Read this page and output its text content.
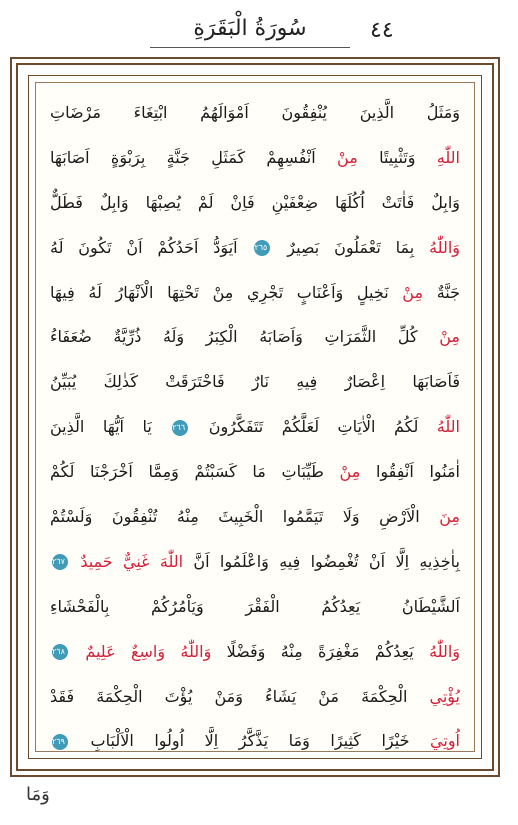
٤٤
سُورَةُ الْبَقَرَةِ
وَمَثَلُ الَّذِينَ يُنْفِقُونَ اَمْوَالَهُمُ ابْتِغَاءَ مَرْضَاتِ
اللّٰهِ وَتَثْبِيتًا مِنْ اَنْفُسِهِمْ كَمَثَلِ جَنَّةٍ بِرَبْوَةٍ اَصَابَهَا
وَابِلٌ فَاٰتَتْ اُكُلَهَا ضِعْفَيْنِ فَاِنْ لَمْ يُصِبْهَا وَابِلٌ فَطَلٌّ
وَاللّٰهُ بِمَا تَعْمَلُونَ بَصِيرٌ ٢٦٥ اَيَوَدُّ اَحَدُكُمْ اَنْ تَكُونَ لَهُ
جَنَّةٌ مِنْ نَخِيلٍ وَاَعْنَابٍ تَجْرِي مِنْ تَحْتِهَا الْاَنْهَارُ لَهُ فِيهَا
مِنْ كُلِّ الثَّمَرَاتِ وَاَصَابَهُ الْكِبَرُ وَلَهُ ذُرِّيَّةٌ ضُعَفَاءُ
فَاَصَابَهَا اِعْصَارٌ فِيهِ نَارٌ فَاحْتَرَقَتْ كَذٰلِكَ يُبَيِّنُ
اللّٰهُ لَكُمُ الْاٰيَاتِ لَعَلَّكُمْ تَتَفَكَّرُونَ ٢٦٦ يَا اَيُّهَا الَّذِينَ
اٰمَنُوا اَنْفِقُوا مِنْ طَيِّبَاتِ مَا كَسَبْتُمْ وَمِمَّا اَخْرَجْنَا لَكُمْ
مِنَ الْاَرْضِ وَلَا تَيَمَّمُوا الْخَبِيثَ مِنْهُ تُنْفِقُونَ وَلَسْتُمْ
بِاٰخِذِيهِ اِلَّا اَنْ تُغْمِضُوا فِيهِ وَاعْلَمُوا اَنَّ اللّٰهَ غَنِيٌّ حَمِيدٌ ٢٦٧
اَلشَّيْطَانُ يَعِدُكُمُ الْفَقْرَ وَيَاْمُرُكُمْ بِالْفَحْشَاءِ
وَاللّٰهُ يَعِدُكُمْ مَغْفِرَةً مِنْهُ وَفَضْلًا وَاللّٰهُ وَاسِعٌ عَلِيمٌ ٢٦٨
يُؤْتِي الْحِكْمَةَ مَنْ يَشَاءُ وَمَنْ يُؤْتَ الْحِكْمَةَ فَقَدْ
اُوتِيَ خَيْرًا كَثِيرًا وَمَا يَذَّكَّرُ اِلَّا اُولُوا الْاَلْبَابِ ٢٦٩
وَمَا
